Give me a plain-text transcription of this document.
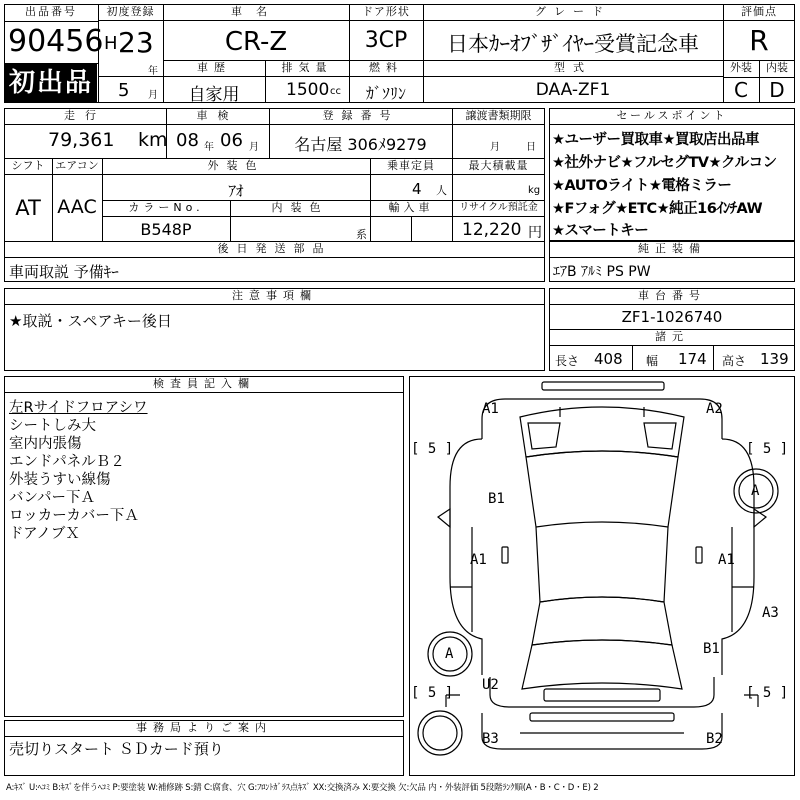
出品番号
90456
初出品
初度登録
H 23
年
5 月
車名
CR-Z
ドア形状
3CP
グレード
日本ｶｰｵﾌﾞｻﾞｲﾔｰ受賞記念車
評価点
R
車歴
自家用
排気量
1500 cc
燃料
ｶﾞｿﾘﾝ
型式
DAA-ZF1
外装
C
内装
D
走行
79,361 km
車検
08 年 06 月
登録番号
名古屋 306ﾒ9279
譲渡書類期限
月	日
シフト
AT
エアコン
AAC
外装色
ｱｵ
乗車定員
4 人
最大積載量
kg
カラーNo.
B548P
内装色
系
輸入車	リサイクル預託金
12,220 円
後日発送部品
車両取説 予備ｷｰ
セールスポイント
★ユーザー買取車★買取店出品車
★社外ナビ★フルセグTV★クルコン
★AUTOライト★電格ミラー
★Fフォグ★ETC★純正16ｲﾝﾁAW
★スマートキー
純正装備
ｴｱB ｱﾙﾐ PS PW
注意事項欄
★取説・スペアキー後日
車台番号
ZF1-1026740
諸元
長さ 408 幅 174 高さ 139
検査員記入欄
左Rサイドフロアシワ
シートしみ大
室内内張傷
エンドパネルＢ２
外装うすい線傷
バンパー下Ａ
ロッカーカバー下Ａ
ドアノブＸ
事務局よりご案内
売切りスタート ＳＤカード預り
A1	A2
[ 5 ]	[ 5 ]
B1	A
A1	A1
A3
A	B1
[ 5 ]	[ 5 ]
U2
B3	B2
A:ｷｽﾞ U:ﾍｺﾐ B:ｷｽﾞを伴うﾍｺﾐ P:要塗装 W:補修跡 S:錆 C:腐食、穴 G:ﾌﾛﾝﾄｶﾞﾗｽ点ｷｽﾞ XX:交換済み X:要交換 欠:欠品 内・外装評価 5段階ﾗﾝｸ順(A・B・C・D・E) 2
